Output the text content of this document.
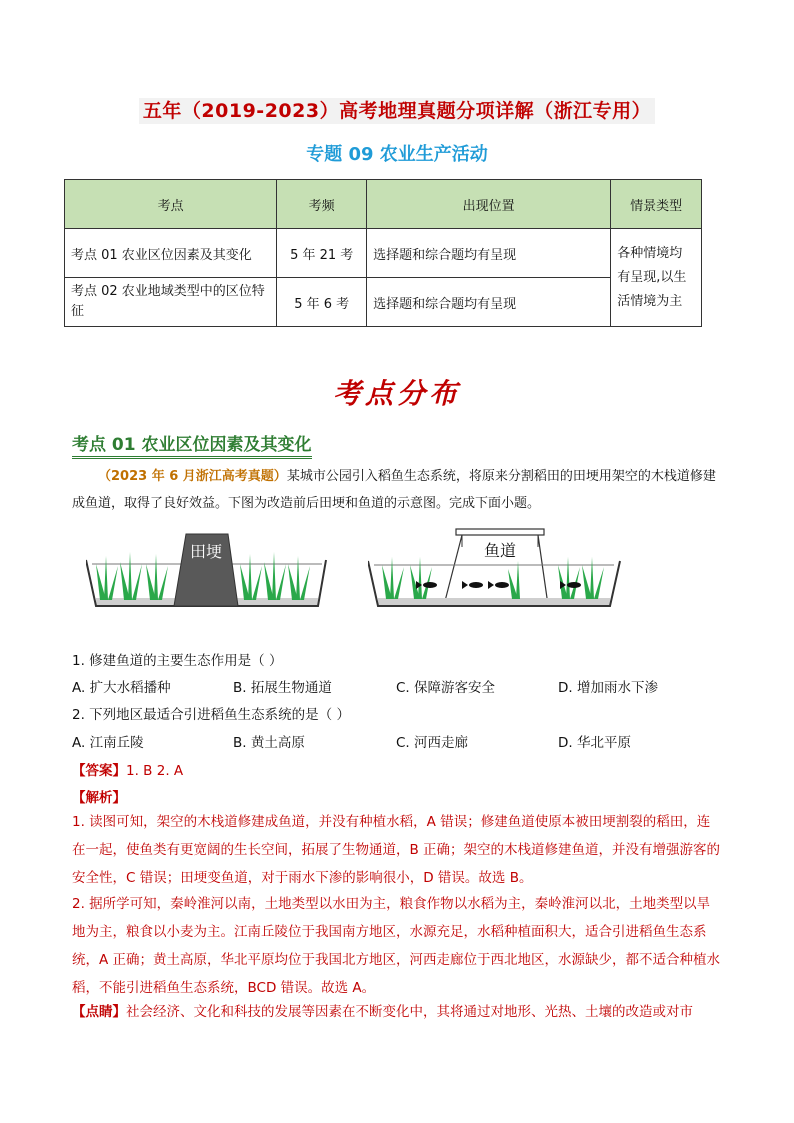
五年（2019-2023）高考地理真题分项详解（浙江专用）
专题 09 农业生产活动
考点	考频	出现位置	情景类型
考点 01 农业区位因素及其变化	5 年 21 考	选择题和综合题均有呈现	各种情境均有呈现,以生活情境为主
考点 02 农业地域类型中的区位特征	5 年 6 考	选择题和综合题均有呈现	
考点分布
考点 01 农业区位因素及其变化
（2023 年 6 月浙江高考真题）某城市公园引入稻鱼生态系统，将原来分割稻田的田埂用架空的木栈道修建成鱼道，取得了良好效益。下图为改造前后田埂和鱼道的示意图。完成下面小题。
田埂	鱼道
1. 修建鱼道的主要生态作用是（ ）
A. 扩大水稻播种	B. 拓展生物通道	C. 保障游客安全	D. 增加雨水下渗
2. 下列地区最适合引进稻鱼生态系统的是（ ）
A. 江南丘陵	B. 黄土高原	C. 河西走廊	D. 华北平原
【答案】1. B 2. A
【解析】
1. 读图可知，架空的木栈道修建成鱼道，并没有种植水稻，A 错误；修建鱼道使原本被田埂割裂的稻田，连在一起，使鱼类有更宽阔的生长空间，拓展了生物通道，B 正确；架空的木栈道修建鱼道，并没有增强游客的安全性，C 错误；田埂变鱼道，对于雨水下渗的影响很小，D 错误。故选 B。
2. 据所学可知，秦岭淮河以南，土地类型以水田为主，粮食作物以水稻为主，秦岭淮河以北，土地类型以旱地为主，粮食以小麦为主。江南丘陵位于我国南方地区，水源充足，水稻种植面积大，适合引进稻鱼生态系统，A 正确；黄土高原，华北平原均位于我国北方地区，河西走廊位于西北地区，水源缺少，都不适合种植水稻，不能引进稻鱼生态系统，BCD 错误。故选 A。
【点睛】社会经济、文化和科技的发展等因素在不断变化中，其将通过对地形、光热、土壤的改造或对市
